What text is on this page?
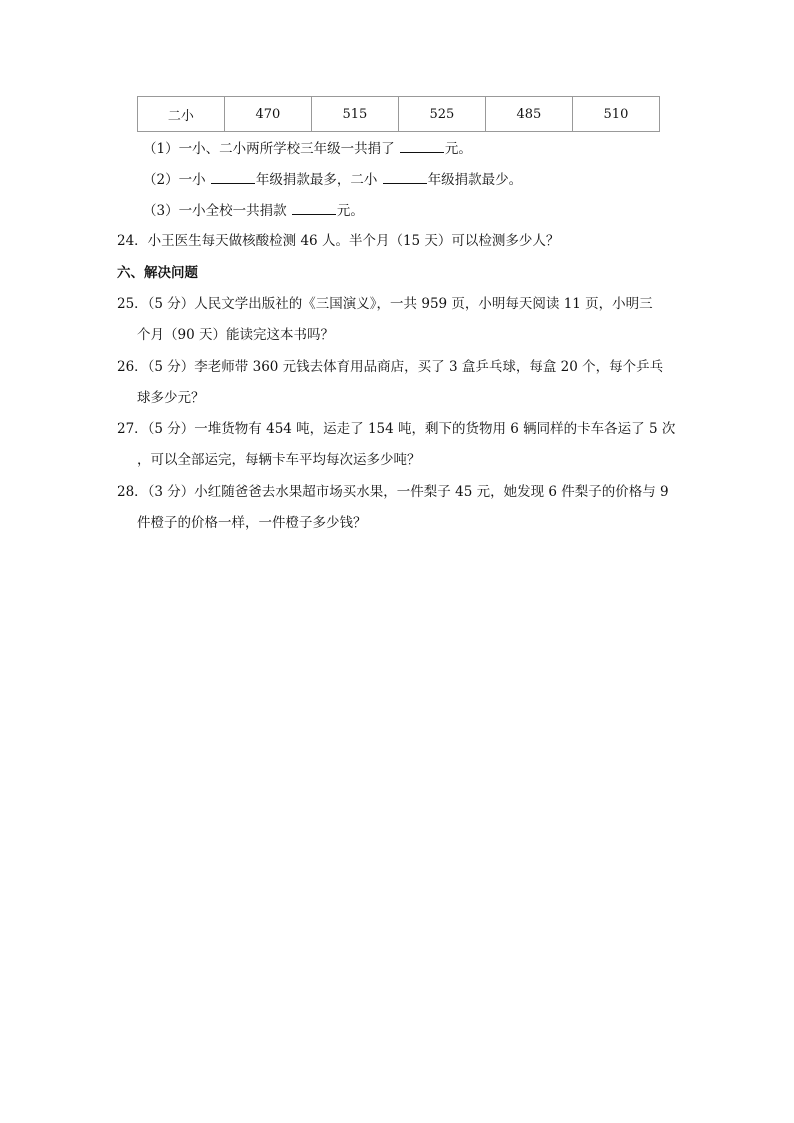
二小	470	515	525	485	510
（1）一小、二小两所学校三年级一共捐了	元。
（2）一小	年级捐款最多，二小	年级捐款最少。
（3）一小全校一共捐款	元。
24．小王医生每天做核酸检测 46 人。半个月（15 天）可以检测多少人？
六、解决问题
25．（5 分）人民文学出版社的《三国演义》，一共 959 页，小明每天阅读 11 页，小明三
个月（90 天）能读完这本书吗？
26．（5 分）李老师带 360 元钱去体育用品商店，买了 3 盒乒乓球，每盒 20 个，每个乒乓
球多少元？
27．（5 分）一堆货物有 454 吨，运走了 154 吨，剩下的货物用 6 辆同样的卡车各运了 5 次
，可以全部运完，每辆卡车平均每次运多少吨？
28．（3 分）小红随爸爸去水果超市场买水果，一件梨子 45 元，她发现 6 件梨子的价格与 9
件橙子的价格一样，一件橙子多少钱？
